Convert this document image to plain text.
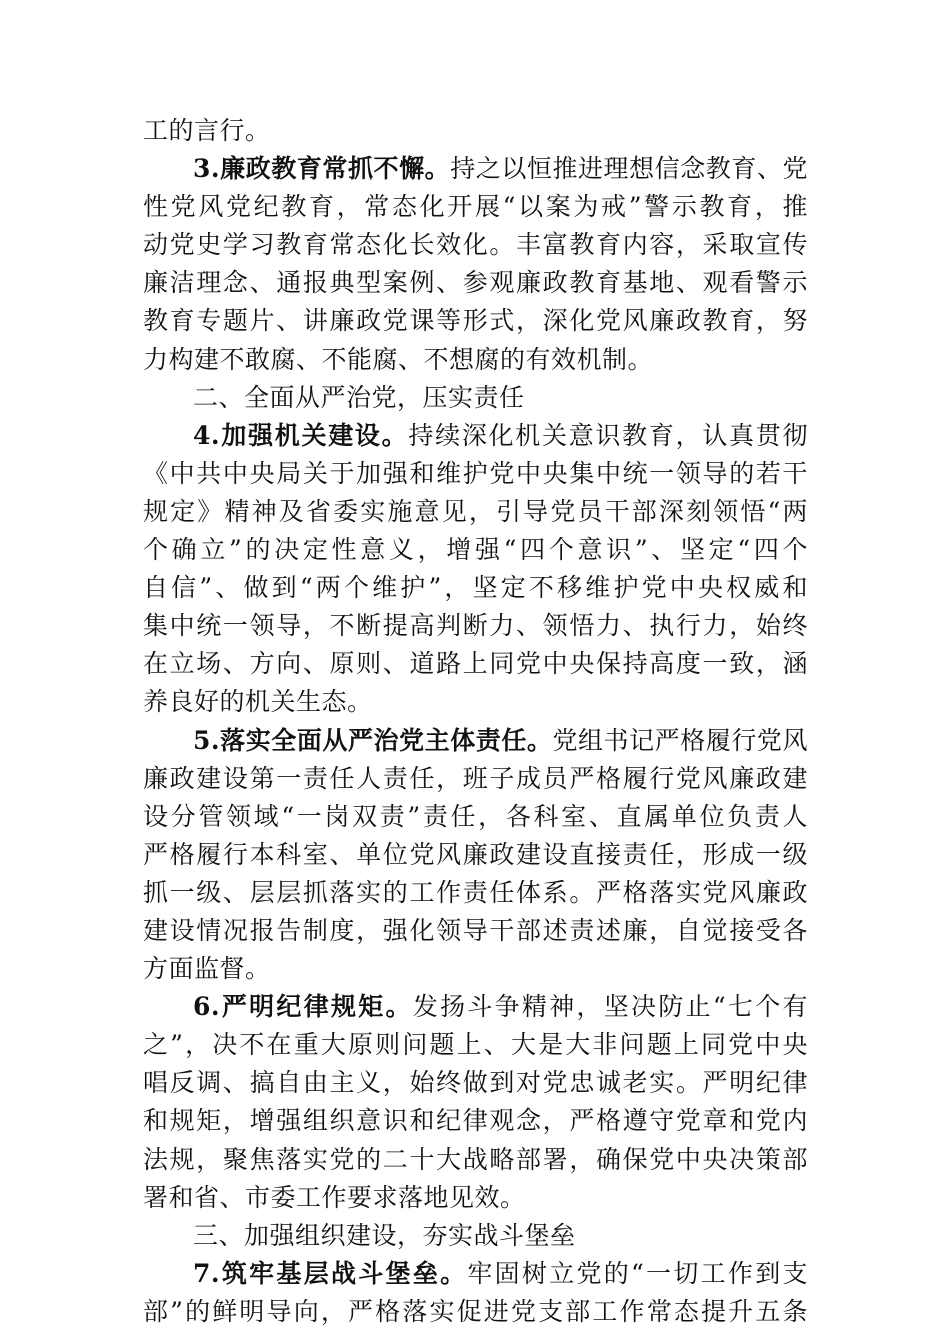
工的言行。
3.廉政教育常抓不懈。持之以恒推进理想信念教育、党
性党风党纪教育，常态化开展“以案为戒”警示教育，推
动党史学习教育常态化长效化。丰富教育内容，采取宣传
廉洁理念、通报典型案例、参观廉政教育基地、观看警示
教育专题片、讲廉政党课等形式，深化党风廉政教育，努
力构建不敢腐、不能腐、不想腐的有效机制。
二、全面从严治党，压实责任
4.加强机关建设。持续深化机关意识教育，认真贯彻
《中共中央局关于加强和维护党中央集中统一领导的若干
规定》精神及省委实施意见，引导党员干部深刻领悟“两
个确立”的决定性意义，增强“四个意识”、坚定“四个
自信”、做到“两个维护”，坚定不移维护党中央权威和
集中统一领导，不断提高判断力、领悟力、执行力，始终
在立场、方向、原则、道路上同党中央保持高度一致，涵
养良好的机关生态。
5.落实全面从严治党主体责任。党组书记严格履行党风
廉政建设第一责任人责任，班子成员严格履行党风廉政建
设分管领域“一岗双责”责任，各科室、直属单位负责人
严格履行本科室、单位党风廉政建设直接责任，形成一级
抓一级、层层抓落实的工作责任体系。严格落实党风廉政
建设情况报告制度，强化领导干部述责述廉，自觉接受各
方面监督。
6.严明纪律规矩。发扬斗争精神，坚决防止“七个有
之”，决不在重大原则问题上、大是大非问题上同党中央
唱反调、搞自由主义，始终做到对党忠诚老实。严明纪律
和规矩，增强组织意识和纪律观念，严格遵守党章和党内
法规，聚焦落实党的二十大战略部署，确保党中央决策部
署和省、市委工作要求落地见效。
三、加强组织建设，夯实战斗堡垒
7.筑牢基层战斗堡垒。牢固树立党的“一切工作到支
部”的鲜明导向，严格落实促进党支部工作常态提升五条
